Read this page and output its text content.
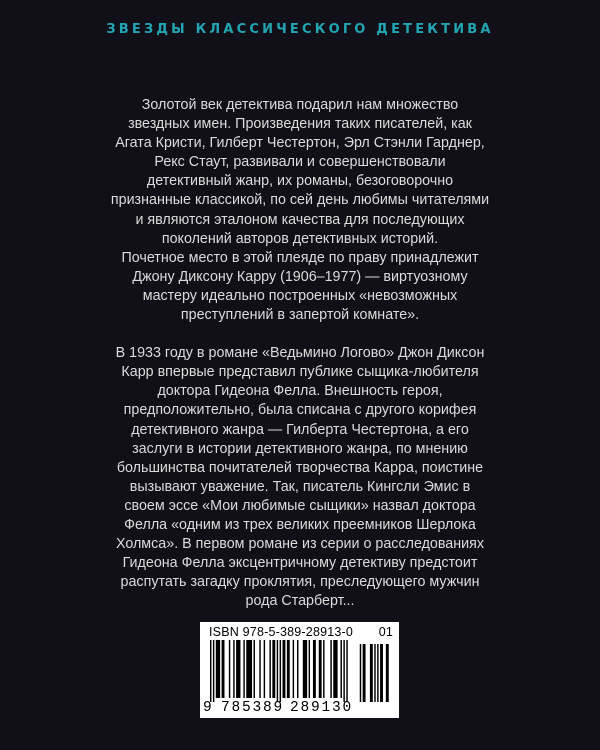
ЗВЕЗДЫ КЛАССИЧЕСКОГО ДЕТЕКТИВА

Золотой век детектива подарил нам множество звездных имен. Произведения таких писателей, как Агата Кристи, Гилберт Честертон, Эрл Стэнли Гарднер, Рекс Стаут, развивали и совершенствовали детективный жанр, их романы, безоговорочно признанные классикой, по сей день любимы читателями и являются эталоном качества для последующих поколений авторов детективных историй.

Почетное место в этой плеяде по праву принадлежит Джону Диксону Карру (1906–1977) — виртуозному мастеру идеально построенных «невозможных преступлений в запертой комнате».

В 1933 году в романе «Ведьмино Логово» Джон Диксон Карр впервые представил публике сыщика-любителя доктора Гидеона Фелла. Внешность героя, предположительно, была списана с другого корифея детективного жанра — Гилберта Честертона, а его заслуги в истории детективного жанра, по мнению большинства почитателей творчества Карра, поистине вызывают уважение. Так, писатель Кингсли Эмис в своем эссе «Мои любимые сыщики» назвал доктора Фелла «одним из трех великих преемников Шерлока Холмса». В первом романе из серии о расследованиях Гидеона Фелла эксцентричному детективу предстоит распутать загадку проклятия, преследующего мужчин рода Старберт...

ISBN 978-5-389-28913-0 01
9 785389 289130
